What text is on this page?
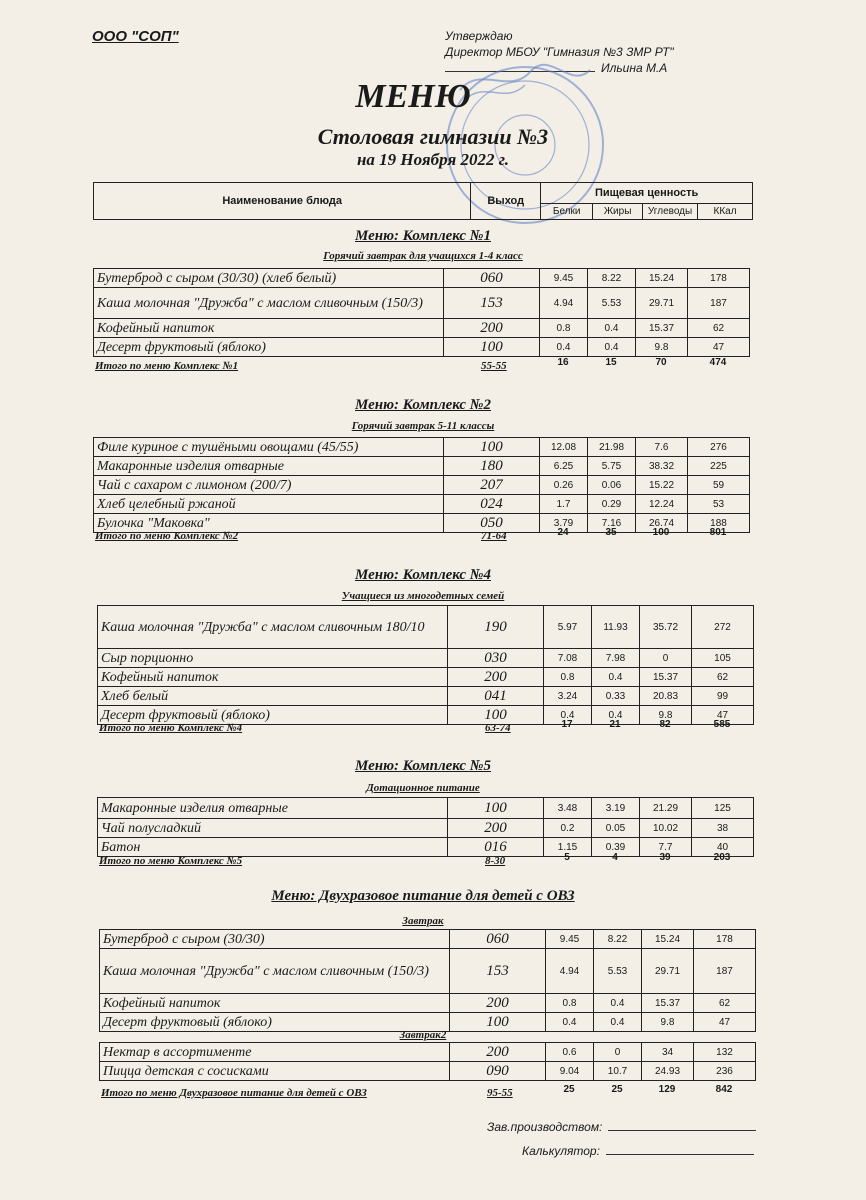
ООО "СОП"	Утверждаю
Директор МБОУ "Гимназия №3 ЗМР РТ"
Ильина М.А
МЕНЮ
Столовая гимназии №3
на 19 Ноября 2022 г.
Наименование блюда	Выход	Пищевая ценность			
		Белки	Жиры	Углеводы	ККал
Меню: Комплекс №1
Горячий завтрак для учащихся 1-4 класс
Бутерброд с сыром (30/30) (хлеб белый)	060	9.45	8.22	15.24	178
Каша молочная "Дружба" с маслом сливочным (150/3)	153	4.94	5.53	29.71	187
Кофейный напиток	200	0.8	0.4	15.37	62
Десерт фруктовый (яблоко)	100	0.4	0.4	9.8	47
Итого по меню Комплекс №1	55-55	16	15	70	474
Меню: Комплекс №2
Горячий завтрак 5-11 классы
Филе куриное с тушёными овощами (45/55)	100	12.08	21.98	7.6	276
Макаронные изделия отварные	180	6.25	5.75	38.32	225
Чай с сахаром с лимоном (200/7)	207	0.26	0.06	15.22	59
Хлеб целебный ржаной	024	1.7	0.29	12.24	53
Булочка "Маковка"	050	3.79	7.16	26.74	188
Итого по меню Комплекс №2	71-64	24	35	100	801
Меню: Комплекс №4
Учащиеся из многодетных семей
Каша молочная "Дружба" с маслом сливочным 180/10	190	5.97	11.93	35.72	272
Сыр порционно	030	7.08	7.98	0	105
Кофейный напиток	200	0.8	0.4	15.37	62
Хлеб белый	041	3.24	0.33	20.83	99
Десерт фруктовый (яблоко)	100	0.4	0.4	9.8	47
Итого по меню Комплекс №4	63-74	17	21	82	585
Меню: Комплекс №5
Дотационное питание
Макаронные изделия отварные	100	3.48	3.19	21.29	125
Чай полусладкий	200	0.2	0.05	10.02	38
Батон	016	1.15	0.39	7.7	40
Итого по меню Комплекс №5	8-30	5	4	39	203
Меню: Двухразовое питание для детей с ОВЗ
Завтрак
Бутерброд с сыром (30/30)	060	9.45	8.22	15.24	178
Каша молочная "Дружба" с маслом сливочным (150/3)	153	4.94	5.53	29.71	187
Кофейный напиток	200	0.8	0.4	15.37	62
Десерт фруктовый (яблоко)	100	0.4	0.4	9.8	47
Завтрак2
Нектар в ассортименте	200	0.6	0	34	132
Пицца детская с сосисками	090	9.04	10.7	24.93	236
Итого по меню Двухразовое питание для детей с ОВЗ	95-55	25	25	129	842
Зав.производством:
Калькулятор:
